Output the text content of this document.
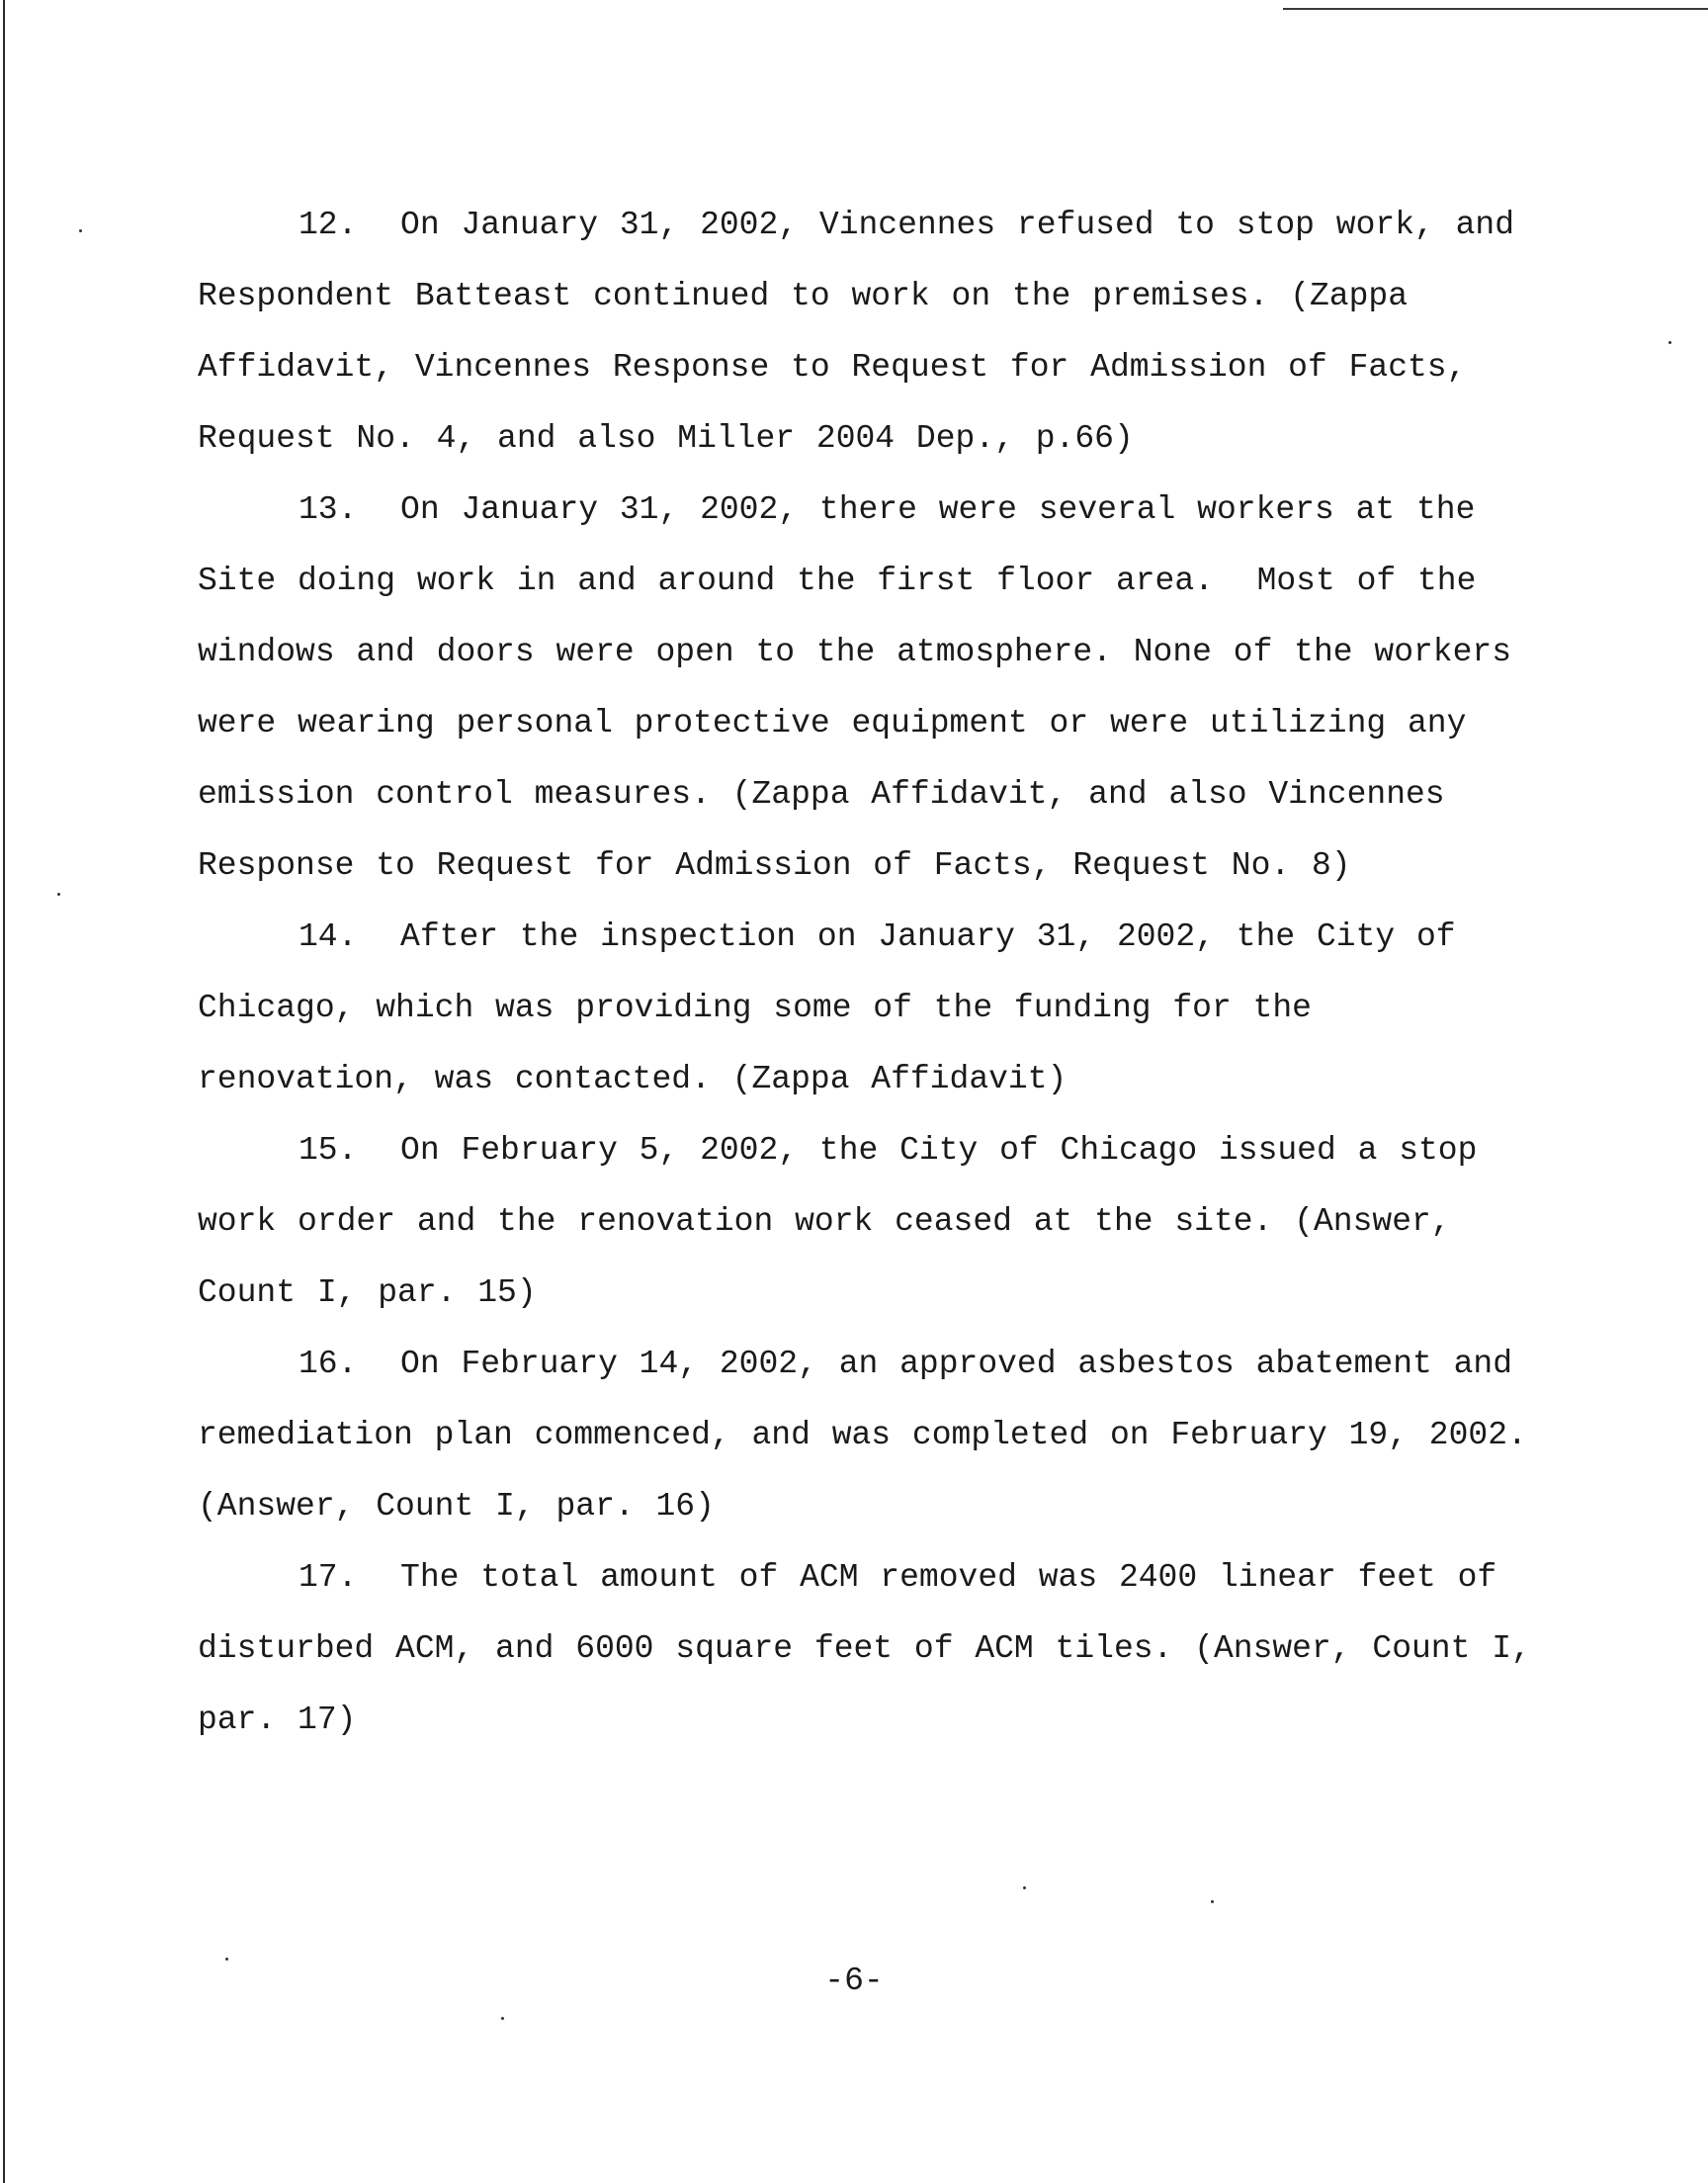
12. On January 31, 2002, Vincennes refused to stop work, and Respondent Batteast continued to work on the premises. (Zappa Affidavit, Vincennes Response to Request for Admission of Facts, Request No. 4, and also Miller 2004 Dep., p.66)

13. On January 31, 2002, there were several workers at the Site doing work in and around the first floor area.  Most of the windows and doors were open to the atmosphere. None of the workers were wearing personal protective equipment or were utilizing any emission control measures. (Zappa Affidavit, and also Vincennes Response to Request for Admission of Facts, Request No. 8)

14. After the inspection on January 31, 2002, the City of Chicago, which was providing some of the funding for the renovation, was contacted. (Zappa Affidavit)

15. On February 5, 2002, the City of Chicago issued a stop work order and the renovation work ceased at the site. (Answer, Count I, par. 15)

16. On February 14, 2002, an approved asbestos abatement and remediation plan commenced, and was completed on February 19, 2002. (Answer, Count I, par. 16)

17. The total amount of ACM removed was 2400 linear feet of disturbed ACM, and 6000 square feet of ACM tiles. (Answer, Count I, par. 17)

-6-
